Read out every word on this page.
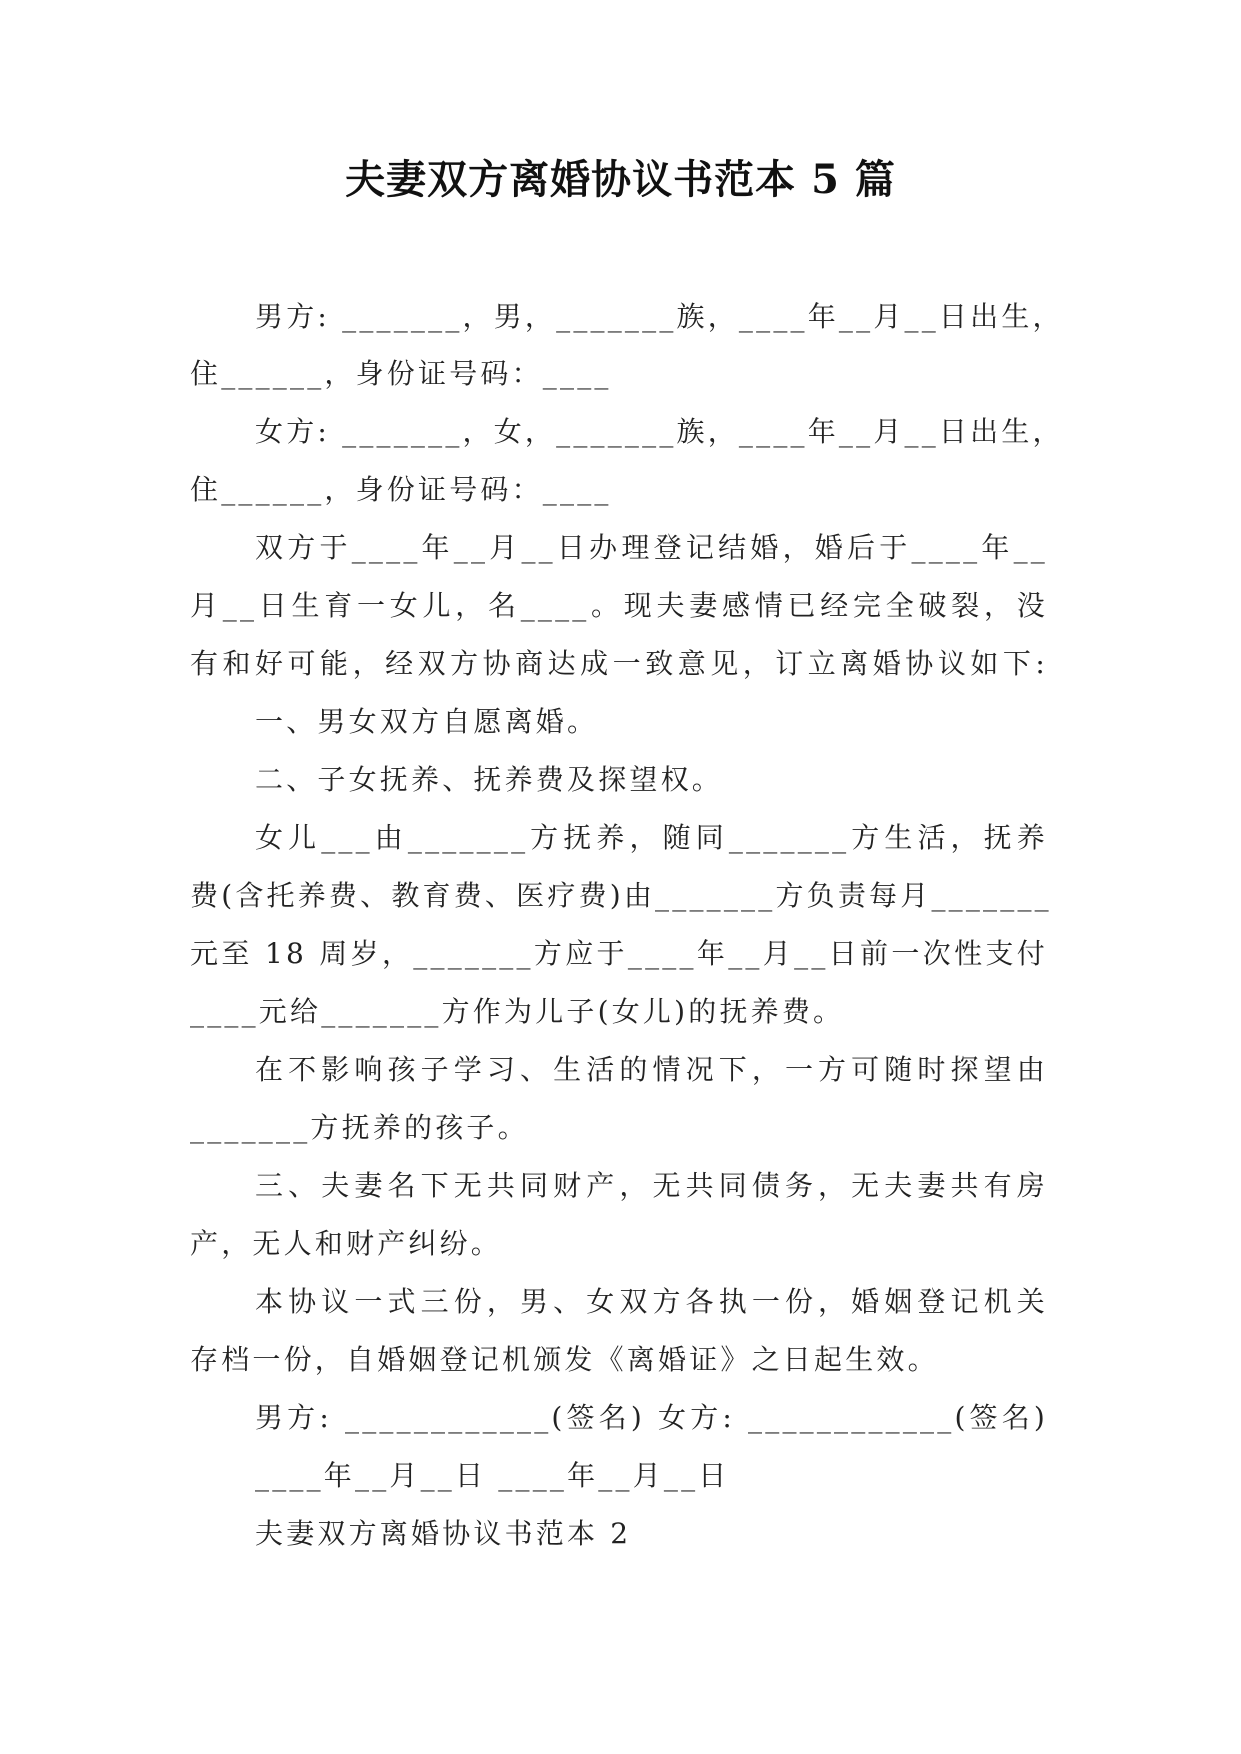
夫妻双方离婚协议书范本 5 篇
男方: _______，男，_______族，____年__月__日出生，
住______，身份证号码：____
女方: _______，女，_______族，____年__月__日出生，
住______，身份证号码：____
双方于____年__月__日办理登记结婚，婚后于____年__
月__日生育一女儿，名____。现夫妻感情已经完全破裂，没
有和好可能，经双方协商达成一致意见，订立离婚协议如下:
一、男女双方自愿离婚。
二、子女抚养、抚养费及探望权。
女儿___由_______方抚养，随同_______方生活，抚养
费(含托养费、教育费、医疗费)由_______方负责每月_______
元至 18 周岁，_______方应于____年__月__日前一次性支付
____元给_______方作为儿子(女儿)的抚养费。
在不影响孩子学习、生活的情况下，一方可随时探望由
_______方抚养的孩子。
三、夫妻名下无共同财产，无共同债务，无夫妻共有房
产，无人和财产纠纷。
本协议一式三份，男、女双方各执一份，婚姻登记机关
存档一份，自婚姻登记机颁发《离婚证》之日起生效。
男方: ____________(签名) 女方: ____________(签名)
____年__月__日 ____年__月__日
夫妻双方离婚协议书范本 2
